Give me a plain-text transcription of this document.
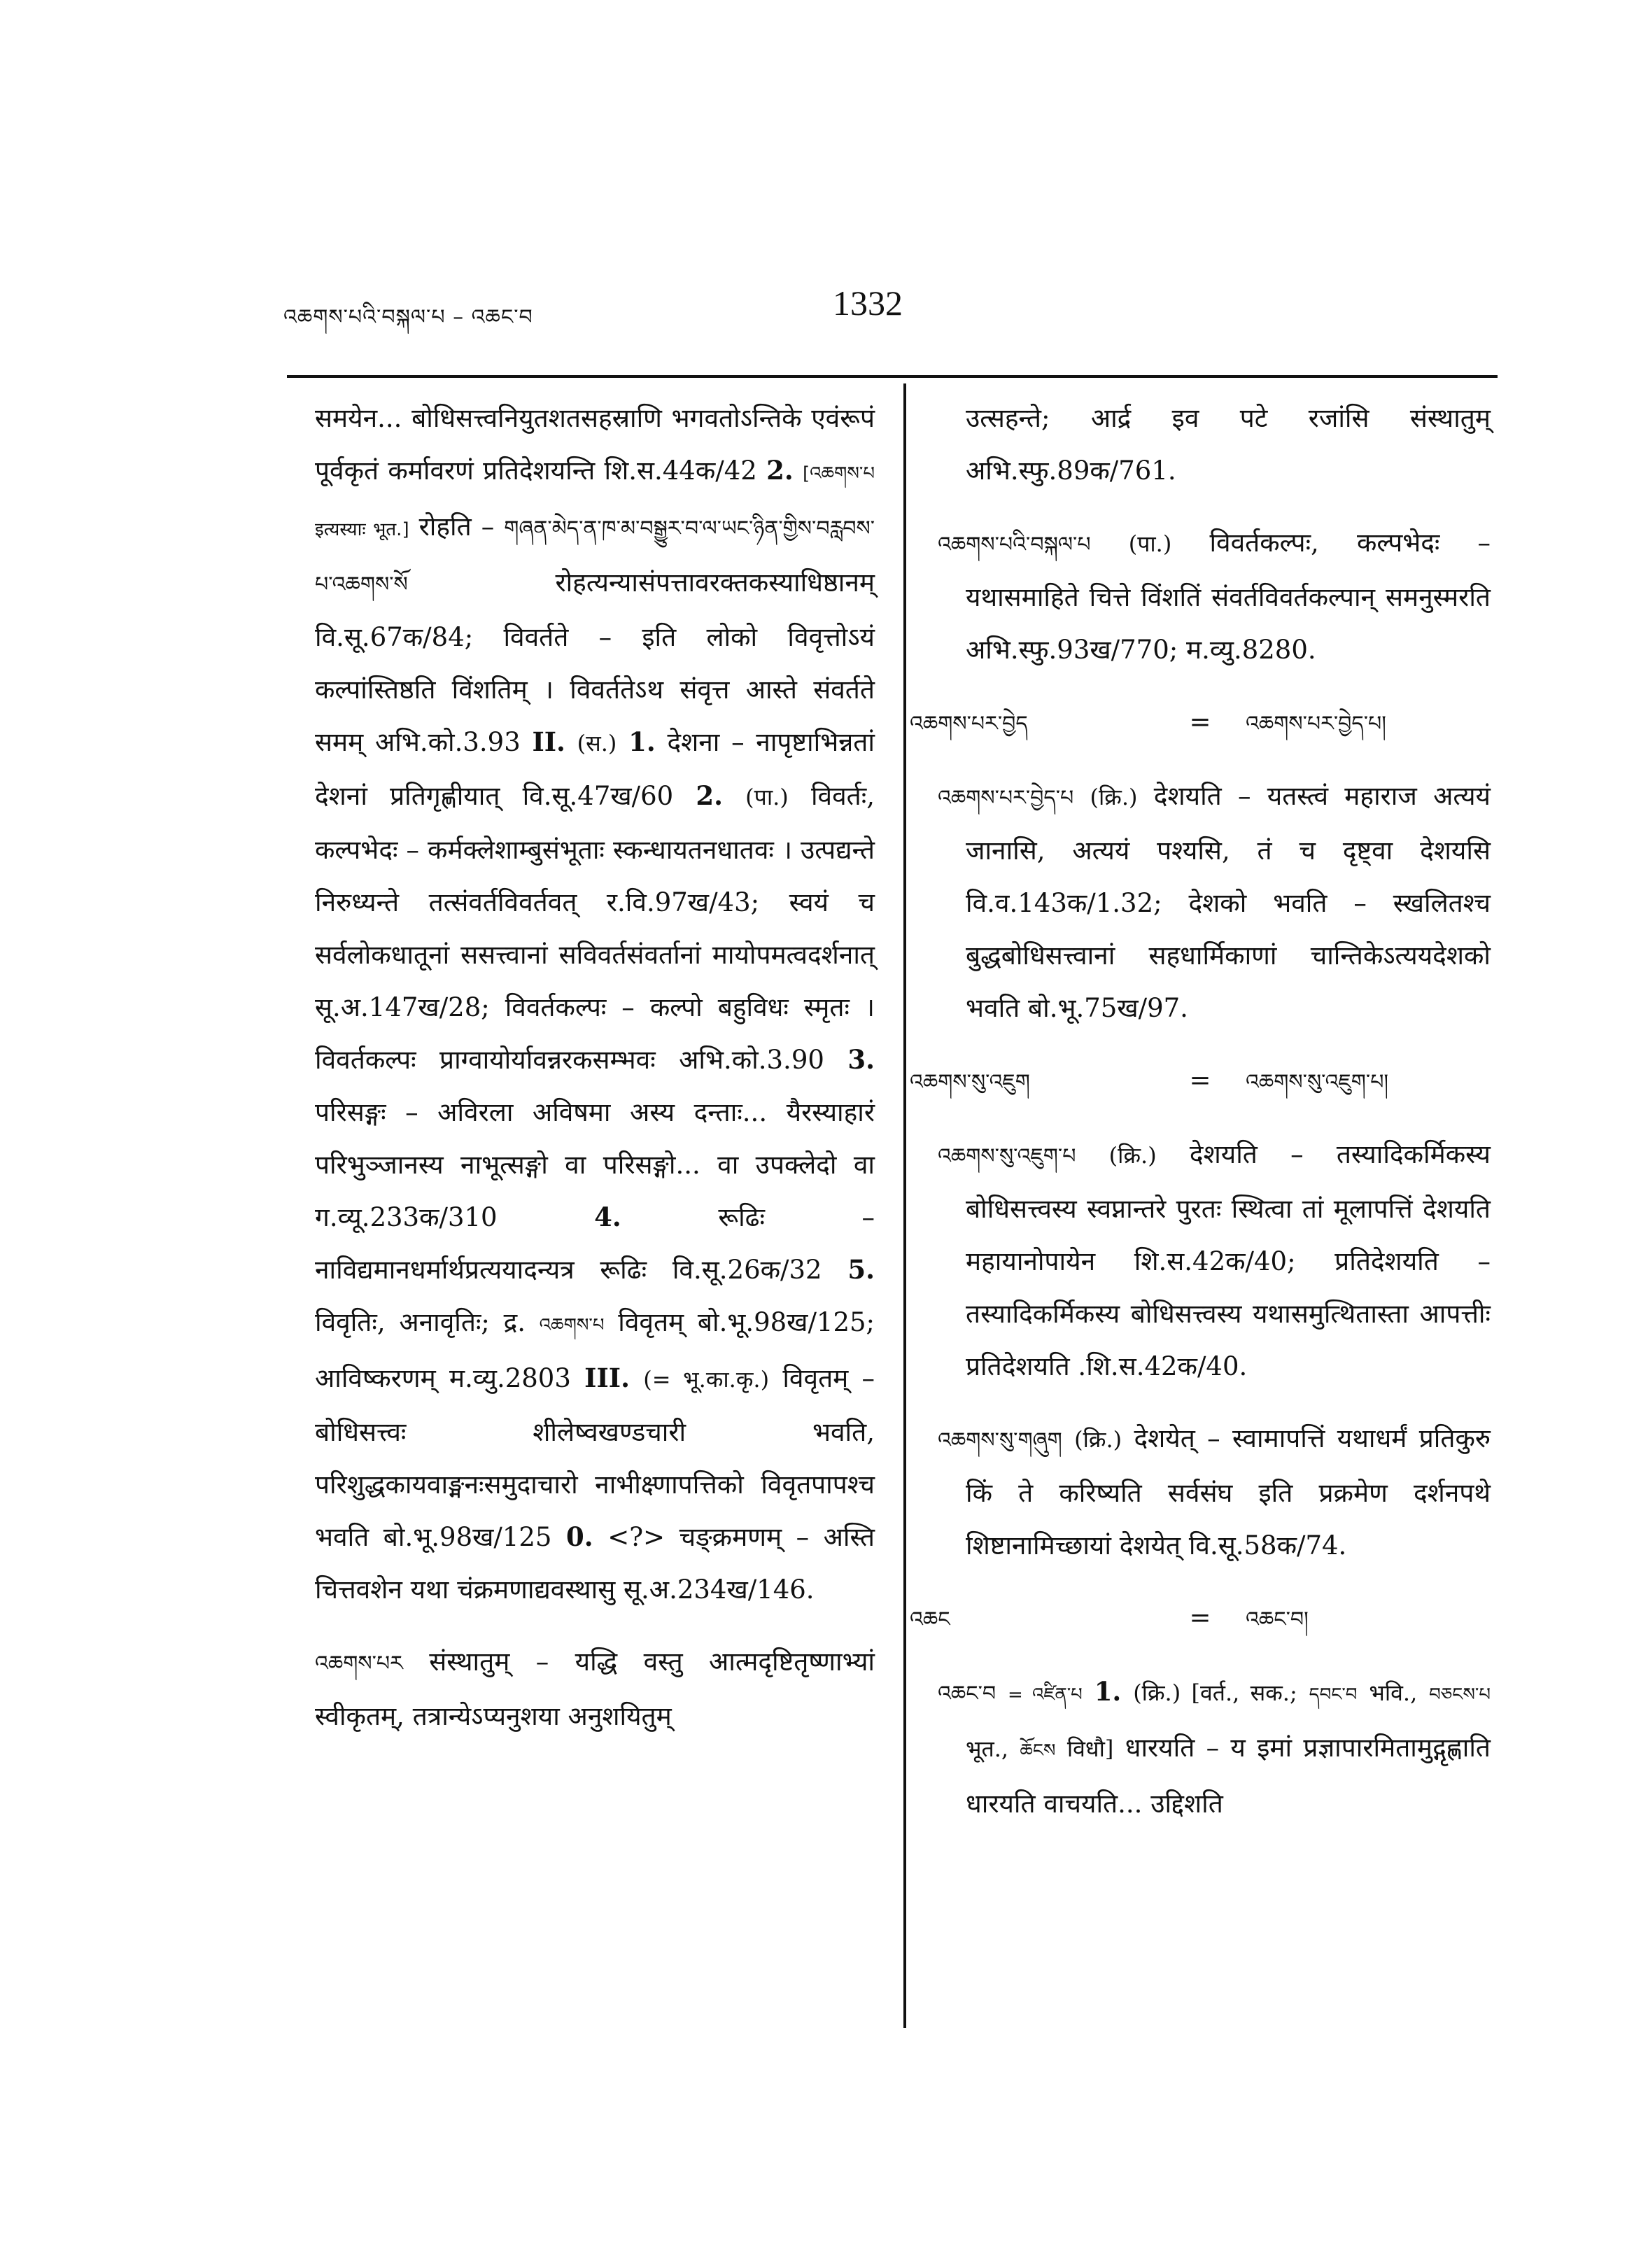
འཆགས་པའི་བསྐལ་པ – འཆང་བ	1332

समयेन... बोधिसत्त्वनियुतशतसहस्राणि भगवतोऽन्तिके एवंरूपं पूर्वकृतं कर्मावरणं प्रतिदेशयन्ति शि.स.44क/42 2. [འཆགས་པ इत्यस्याः भूत.] रोहति – གཞན་མེད་ན་ཁ་མ་བསྒྱུར་བ་ལ་ཡང་ཉིན་གྱིས་བརླབས་པ་འཆགས་སོ	रोहत्यन्यासंपत्तावरक्तकस्याधिष्ठानम् वि.सू.67क/84; विवर्तते – इति लोको विवृत्तोऽयं कल्पांस्तिष्ठति विंशतिम् । विवर्ततेऽथ संवृत्त आस्ते संवर्तते समम् अभि.को.3.93 II. (स.) 1. देशना – नापृष्टाभिन्नतां देशनां प्रतिगृह्णीयात् वि.सू.47ख/60 2. (पा.) विवर्तः, कल्पभेदः – कर्मक्लेशाम्बुसंभूताः स्कन्धायतनधातवः । उत्पद्यन्ते निरुध्यन्ते तत्संवर्तविवर्तवत् र.वि.97ख/43; स्वयं च सर्वलोकधातूनां ससत्त्वानां सविवर्तसंवर्तानां मायोपमत्वदर्शनात् सू.अ.147ख/28; विवर्तकल्पः – कल्पो बहुविधः स्मृतः । विवर्तकल्पः प्राग्वायोर्यावन्नरकसम्भवः अभि.को.3.90 3. परिसङ्गः – अविरला अविषमा अस्य दन्ताः... यैरस्याहारं परिभुञ्जानस्य नाभूत्सङ्गो वा परिसङ्गो... वा उपक्लेदो वा ग.व्यू.233क/310	4.	रूढिः – नाविद्यमानधर्मार्थप्रत्ययादन्यत्र रूढिः वि.सू.26क/32 5. विवृतिः, अनावृतिः; द्र. འཆགས་པ विवृतम् बो.भू.98ख/125; आविष्करणम् म.व्यु.2803 III. (= भू.का.कृ.) विवृतम् – बोधिसत्त्वः शीलेष्वखण्डचारी भवति, परिशुद्धकायवाङ्मनःसमुदाचारो नाभीक्ष्णापत्तिको विवृतपापश्च भवति बो.भू.98ख/125 0. <?> चङ्क्रमणम् – अस्ति चित्तवशेन यथा चंक्रमणाद्यवस्थासु सू.अ.234ख/146.

འཆགས་པར संस्थातुम् – यद्धि वस्तु आत्मदृष्टितृष्णाभ्यां स्वीकृतम्, तत्रान्येऽप्यनुशया अनुशयितुम्

उत्सहन्ते; आर्द्र इव पटे रजांसि संस्थातुम् अभि.स्फु.89क/761.

འཆགས་པའི་བསྐལ་པ (पा.) विवर्तकल्पः, कल्पभेदः – यथासमाहिते चित्ते विंशतिं संवर्तविवर्तकल्पान् समनुस्मरति अभि.स्फु.93ख/770; म.व्यु.8280.

འཆགས་པར་བྱེད	= འཆགས་པར་བྱེད་པ།

འཆགས་པར་བྱེད་པ (क्रि.) देशयति – यतस्त्वं महाराज अत्ययं जानासि, अत्ययं पश्यसि, तं च दृष्ट्वा देशयसि वि.व.143क/1.32; देशको भवति – स्खलितश्च बुद्धबोधिसत्त्वानां सहधार्मिकाणां चान्तिकेऽत्ययदेशको भवति बो.भू.75ख/97.

འཆགས་སུ་འཇུག	= འཆགས་སུ་འཇུག་པ།

འཆགས་སུ་འཇུག་པ (क्रि.) देशयति – तस्यादिकर्मिकस्य बोधिसत्त्वस्य स्वप्नान्तरे पुरतः स्थित्वा तां मूलापत्तिं देशयति महायानोपायेन शि.स.42क/40; प्रतिदेशयति – तस्यादिकर्मिकस्य बोधिसत्त्वस्य यथासमुत्थितास्ता आपत्तीः प्रतिदेशयति .शि.स.42क/40.

འཆགས་སུ་གཞུག (क्रि.) देशयेत् – स्वामापत्तिं यथाधर्मं प्रतिकुरु किं ते करिष्यति सर्वसंघ इति प्रक्रमेण दर्शनपथे शिष्टानामिच्छायां देशयेत् वि.सू.58क/74.

འཆང	= འཆང་བ།

འཆང་བ = འཛིན་པ 1. (क्रि.) [वर्त., सक.; དབང་བ भवि., བཅངས་པ भूत., ཆོངས विधौ] धारयति – य इमां प्रज्ञापारमितामुद्गृह्णाति धारयति वाचयति... उद्दिशति
